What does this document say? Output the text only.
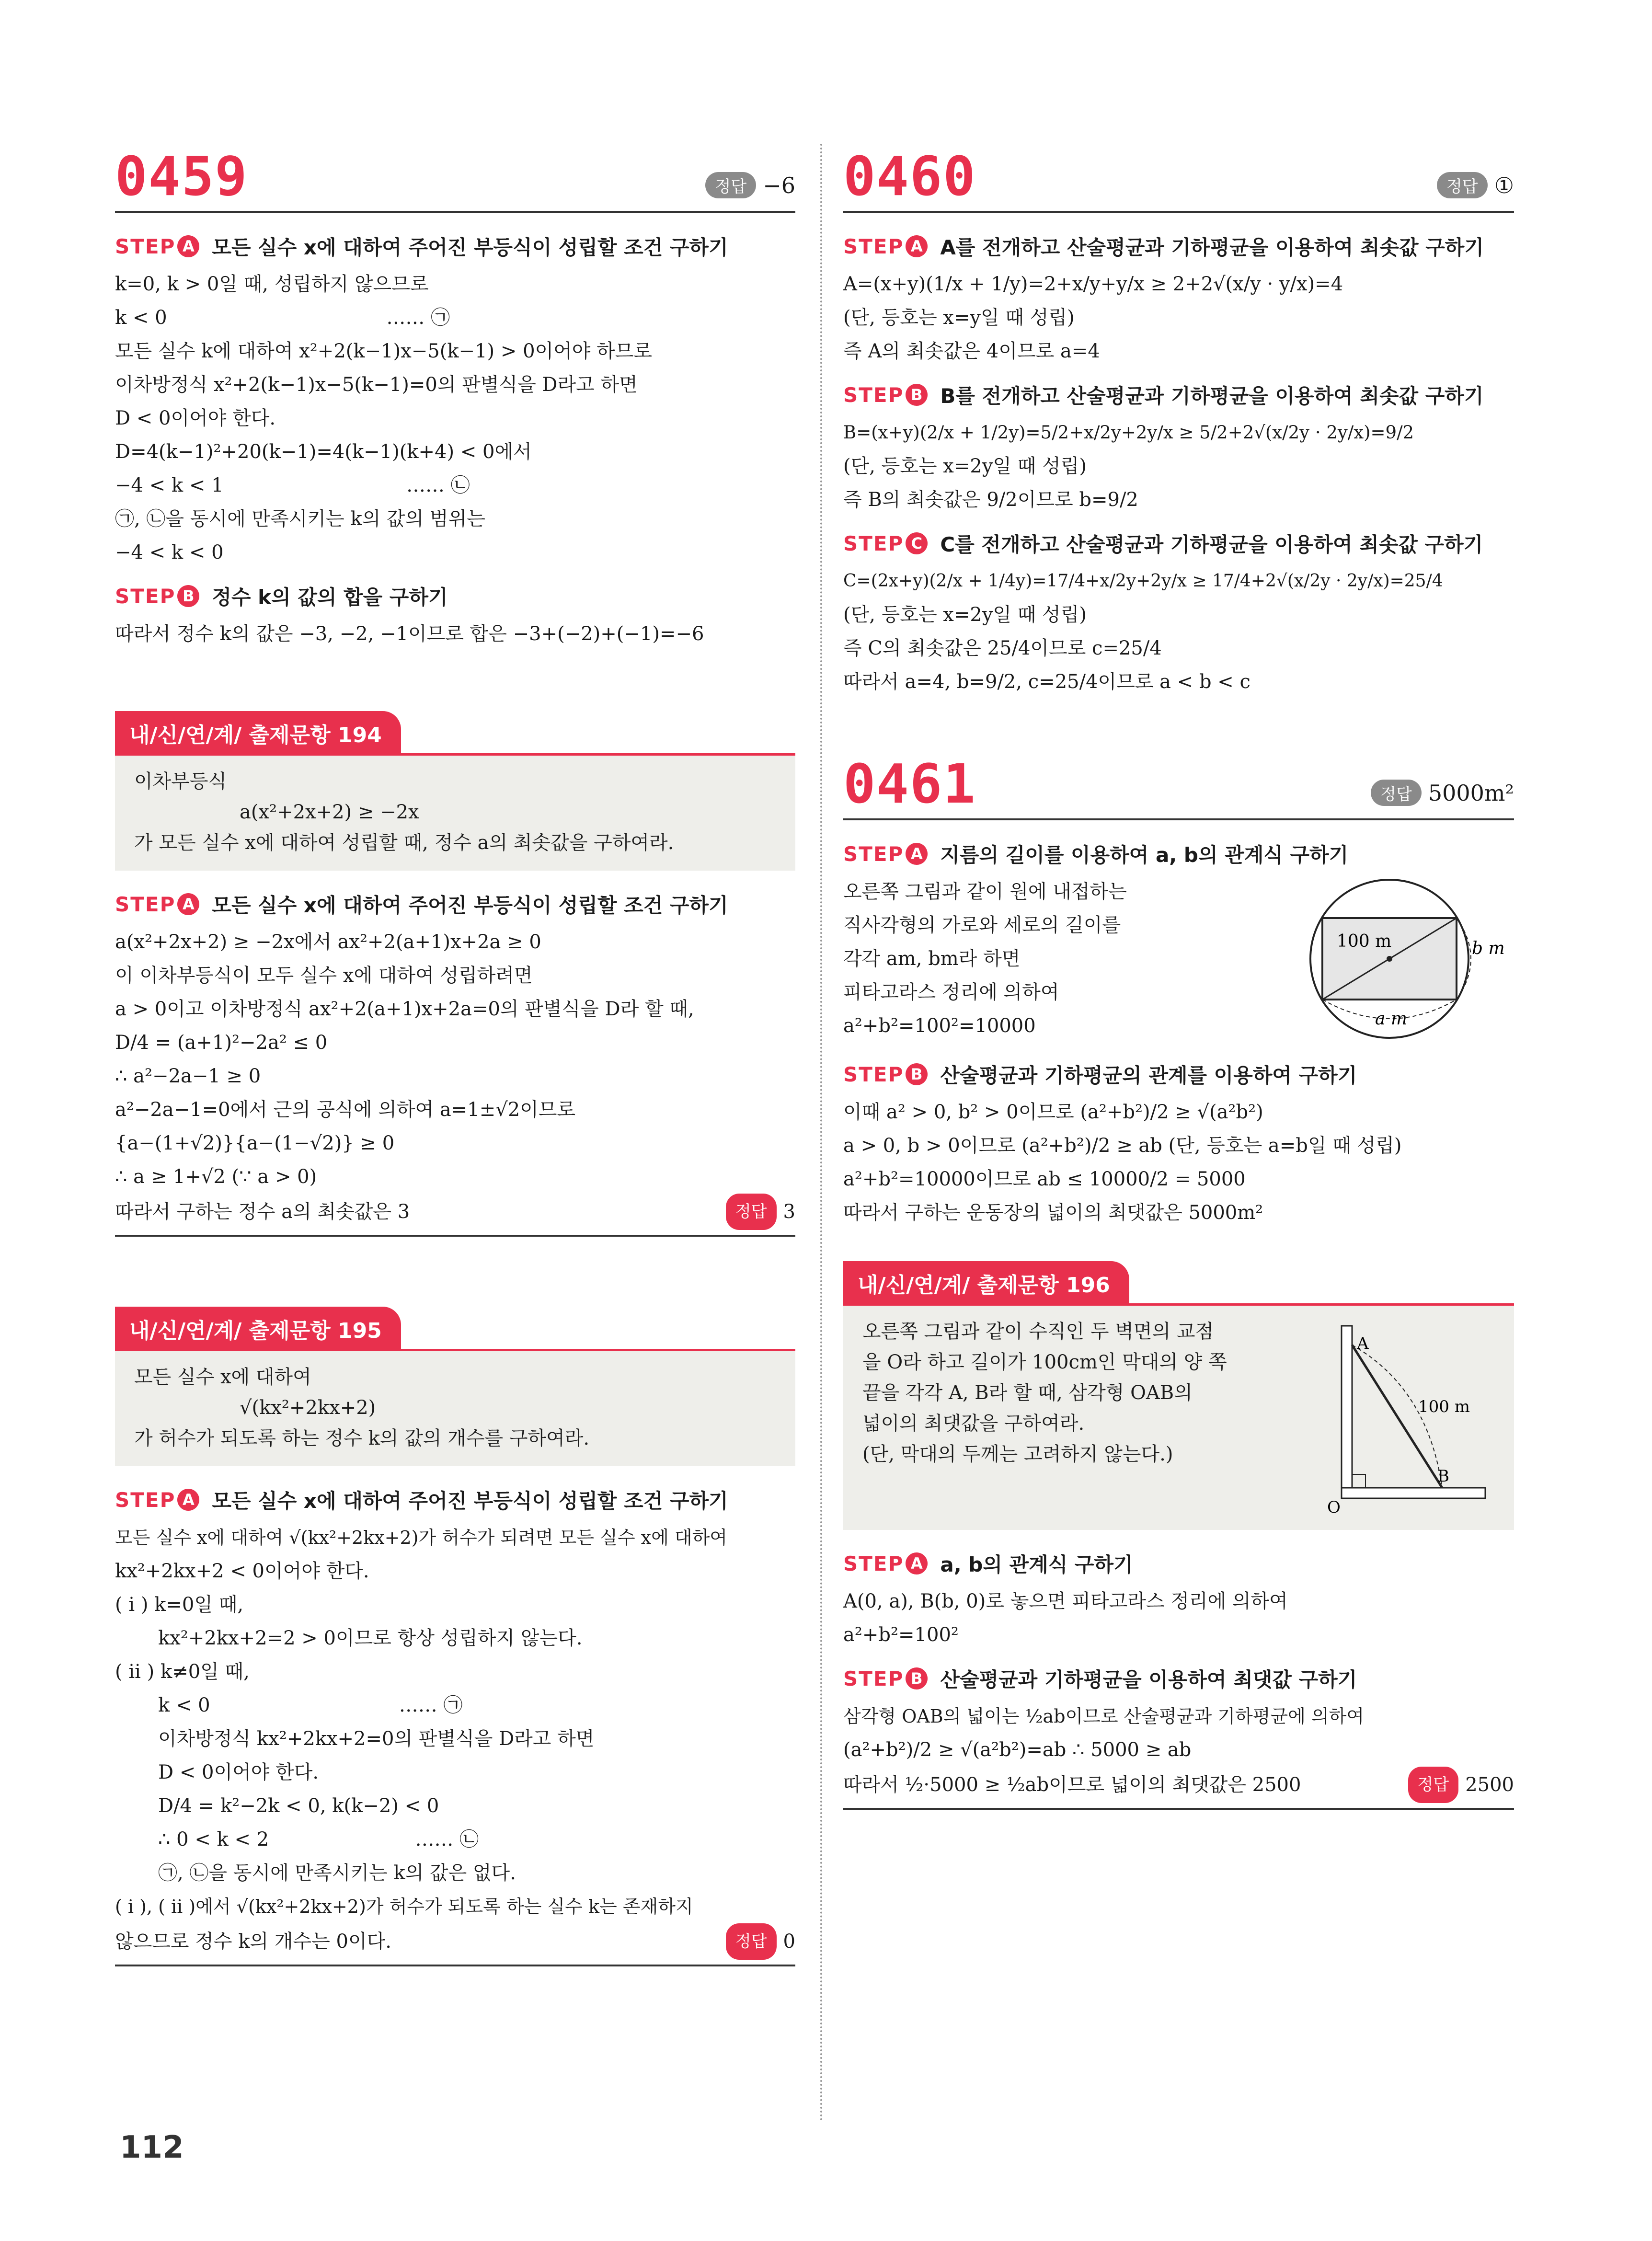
0459	정답 −6
STEP A 모든 실수 x에 대하여 주어진 부등식이 성립할 조건 구하기
k=0, k > 0일 때, 성립하지 않으므로
k < 0                                    …… ㉠
모든 실수 k에 대하여 x²+2(k−1)x−5(k−1) > 0이어야 하므로
이차방정식 x²+2(k−1)x−5(k−1)=0의 판별식을 D라고 하면
D < 0이어야 한다.
D=4(k−1)²+20(k−1)=4(k−1)(k+4) < 0에서
−4 < k < 1                              …… ㉡
㉠, ㉡을 동시에 만족시키는 k의 값의 범위는
−4 < k < 0
STEP B 정수 k의 값의 합을 구하기
따라서 정수 k의 값은 −3, −2, −1이므로 합은 −3+(−2)+(−1)=−6
내/신/연/계/ 출제문항 194
이차부등식
a(x²+2x+2) ≥ −2x
가 모든 실수 x에 대하여 성립할 때, 정수 a의 최솟값을 구하여라.
STEP A 모든 실수 x에 대하여 주어진 부등식이 성립할 조건 구하기
a(x²+2x+2) ≥ −2x에서 ax²+2(a+1)x+2a ≥ 0
이 이차부등식이 모두 실수 x에 대하여 성립하려면
a > 0이고 이차방정식 ax²+2(a+1)x+2a=0의 판별식을 D라 할 때,
D/4 = (a+1)²−2a² ≤ 0
∴ a²−2a−1 ≥ 0
a²−2a−1=0에서 근의 공식에 의하여 a=1±√2이므로
{a−(1+√2)}{a−(1−√2)} ≥ 0
∴ a ≥ 1+√2 (∵ a > 0)
따라서 구하는 정수 a의 최솟값은 3	정답 3
내/신/연/계/ 출제문항 195
모든 실수 x에 대하여
√(kx²+2kx+2)
가 허수가 되도록 하는 정수 k의 값의 개수를 구하여라.
STEP A 모든 실수 x에 대하여 주어진 부등식이 성립할 조건 구하기
모든 실수 x에 대하여 √(kx²+2kx+2)가 허수가 되려면 모든 실수 x에 대하여
kx²+2kx+2 < 0이어야 한다.
( i ) k=0일 때,
kx²+2kx+2=2 > 0이므로 항상 성립하지 않는다.
( ii ) k≠0일 때,
k < 0                               …… ㉠
이차방정식 kx²+2kx+2=0의 판별식을 D라고 하면
D < 0이어야 한다.
D/4 = k²−2k < 0, k(k−2) < 0
∴ 0 < k < 2                        …… ㉡
㉠, ㉡을 동시에 만족시키는 k의 값은 없다.
( i ), ( ii )에서 √(kx²+2kx+2)가 허수가 되도록 하는 실수 k는 존재하지
않으므로 정수 k의 개수는 0이다.	정답 0
0460	정답 ①
STEP A A를 전개하고 산술평균과 기하평균을 이용하여 최솟값 구하기
A=(x+y)(1/x + 1/y)=2+x/y+y/x ≥ 2+2√(x/y · y/x)=4
(단, 등호는 x=y일 때 성립)
즉 A의 최솟값은 4이므로 a=4
STEP B B를 전개하고 산술평균과 기하평균을 이용하여 최솟값 구하기
B=(x+y)(2/x + 1/2y)=5/2+x/2y+2y/x ≥ 5/2+2√(x/2y · 2y/x)=9/2
(단, 등호는 x=2y일 때 성립)
즉 B의 최솟값은 9/2이므로 b=9/2
STEP C C를 전개하고 산술평균과 기하평균을 이용하여 최솟값 구하기
C=(2x+y)(2/x + 1/4y)=17/4+x/2y+2y/x ≥ 17/4+2√(x/2y · 2y/x)=25/4
(단, 등호는 x=2y일 때 성립)
즉 C의 최솟값은 25/4이므로 c=25/4
따라서 a=4, b=9/2, c=25/4이므로 a < b < c
0461	정답 5000m²
STEP A 지름의 길이를 이용하여 a, b의 관계식 구하기
오른쪽 그림과 같이 원에 내접하는
직사각형의 가로와 세로의 길이를
각각 am, bm라 하면
피타고라스 정리에 의하여
a²+b²=100²=10000
100 m	b m
a m
STEP B 산술평균과 기하평균의 관계를 이용하여 구하기
이때 a² > 0, b² > 0이므로 (a²+b²)/2 ≥ √(a²b²)
a > 0, b > 0이므로 (a²+b²)/2 ≥ ab (단, 등호는 a=b일 때 성립)
a²+b²=10000이므로 ab ≤ 10000/2 = 5000
따라서 구하는 운동장의 넓이의 최댓값은 5000m²
내/신/연/계/ 출제문항 196
오른쪽 그림과 같이 수직인 두 벽면의 교점
을 O라 하고 길이가 100cm인 막대의 양 쪽
끝을 각각 A, B라 할 때, 삼각형 OAB의
넓이의 최댓값을 구하여라.
(단, 막대의 두께는 고려하지 않는다.)
A
B
O
100 m
STEP A a, b의 관계식 구하기
A(0, a), B(b, 0)로 놓으면 피타고라스 정리에 의하여
a²+b²=100²
STEP B 산술평균과 기하평균을 이용하여 최댓값 구하기
삼각형 OAB의 넓이는 ½ab이므로 산술평균과 기하평균에 의하여
(a²+b²)/2 ≥ √(a²b²)=ab ∴ 5000 ≥ ab
따라서 ½·5000 ≥ ½ab이므로 넓이의 최댓값은 2500	정답 2500
112
